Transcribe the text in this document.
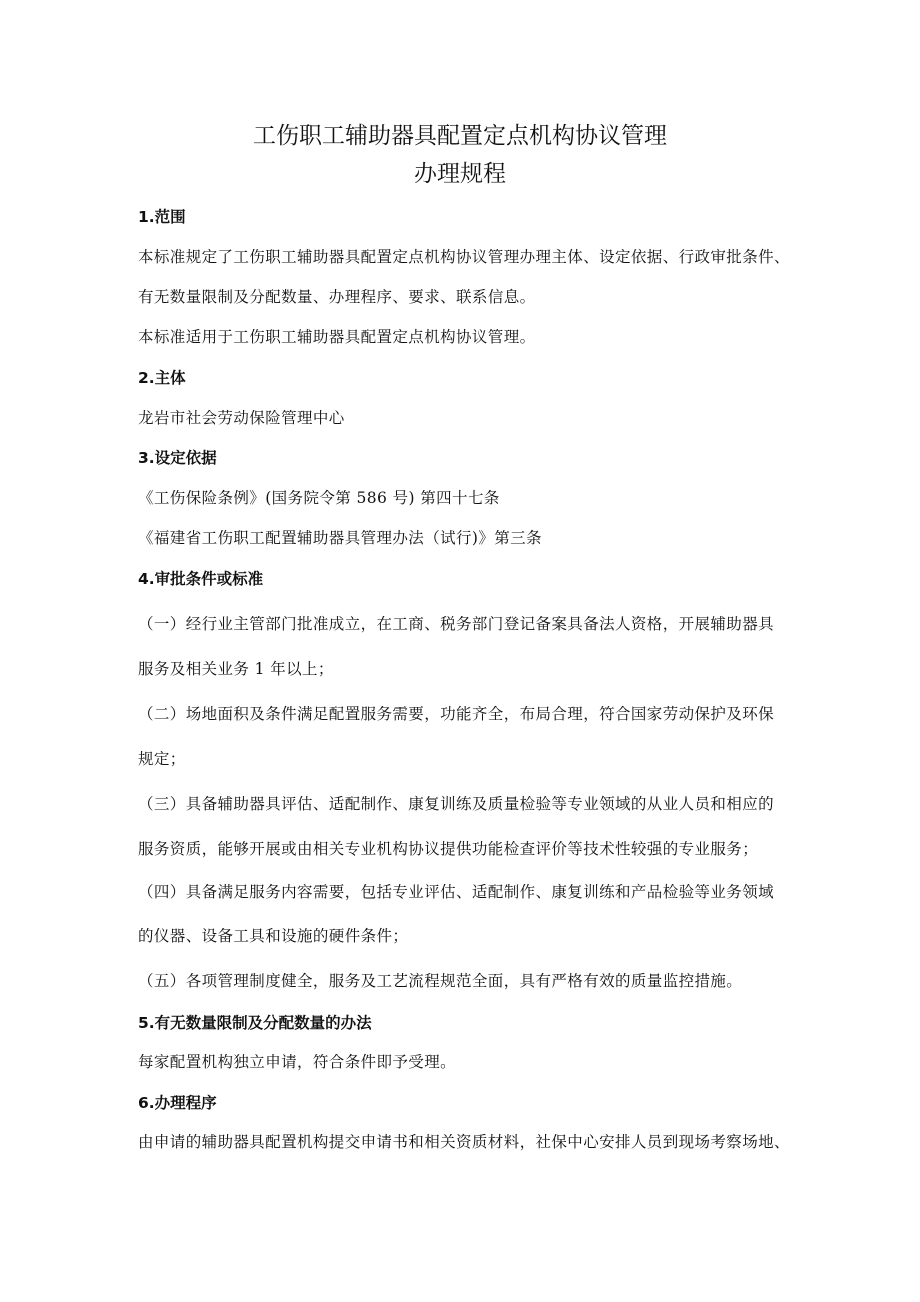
工伤职工辅助器具配置定点机构协议管理
办理规程
1.范围
本标准规定了工伤职工辅助器具配置定点机构协议管理办理主体、设定依据、行政审批条件、
有无数量限制及分配数量、办理程序、要求、联系信息。
本标准适用于工伤职工辅助器具配置定点机构协议管理。
2.主体
龙岩市社会劳动保险管理中心
3.设定依据
《工伤保险条例》(国务院令第 586 号) 第四十七条
《福建省工伤职工配置辅助器具管理办法（试行)》第三条
4.审批条件或标准
（一）经行业主管部门批准成立，在工商、税务部门登记备案具备法人资格，开展辅助器具
服务及相关业务 1 年以上；
（二）场地面积及条件满足配置服务需要，功能齐全，布局合理，符合国家劳动保护及环保
规定；
（三）具备辅助器具评估、适配制作、康复训练及质量检验等专业领域的从业人员和相应的
服务资质，能够开展或由相关专业机构协议提供功能检查评价等技术性较强的专业服务；
（四）具备满足服务内容需要，包括专业评估、适配制作、康复训练和产品检验等业务领域
的仪器、设备工具和设施的硬件条件；
（五）各项管理制度健全，服务及工艺流程规范全面，具有严格有效的质量监控措施。
5.有无数量限制及分配数量的办法
每家配置机构独立申请，符合条件即予受理。
6.办理程序
由申请的辅助器具配置机构提交申请书和相关资质材料，社保中心安排人员到现场考察场地、
